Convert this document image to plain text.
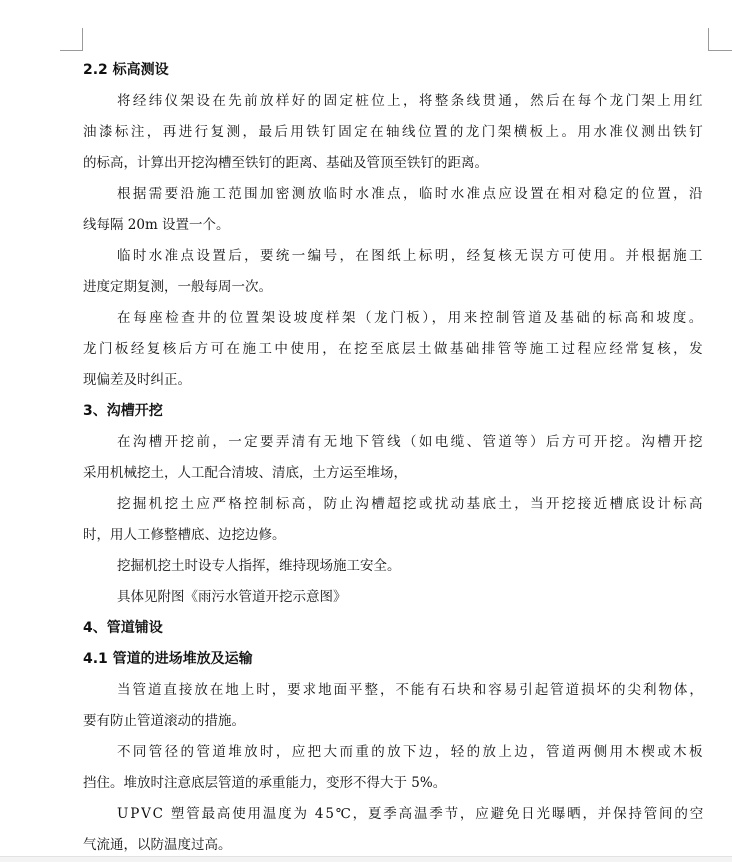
2.2 标高测设
将经纬仪架设在先前放样好的固定桩位上，将整条线贯通，然后在每个龙门架上用红
油漆标注，再进行复测，最后用铁钉固定在轴线位置的龙门架横板上。用水准仪测出铁钉
的标高，计算出开挖沟槽至铁钉的距离、基础及管顶至铁钉的距离。
根据需要沿施工范围加密测放临时水准点，临时水准点应设置在相对稳定的位置，沿
线每隔 20m 设置一个。
临时水准点设置后，要统一编号，在图纸上标明，经复核无误方可使用。并根据施工
进度定期复测，一般每周一次。
在每座检查井的位置架设坡度样架（龙门板），用来控制管道及基础的标高和坡度。
龙门板经复核后方可在施工中使用，在挖至底层土做基础排管等施工过程应经常复核，发
现偏差及时纠正。
3、沟槽开挖
在沟槽开挖前，一定要弄清有无地下管线（如电缆、管道等）后方可开挖。沟槽开挖
采用机械挖土，人工配合清坡、清底，土方运至堆场，
挖掘机挖土应严格控制标高，防止沟槽超挖或扰动基底土，当开挖接近槽底设计标高
时，用人工修整槽底、边挖边修。
挖掘机挖土时设专人指挥，维持现场施工安全。
具体见附图《雨污水管道开挖示意图》
4、管道铺设
4.1 管道的进场堆放及运输
当管道直接放在地上时，要求地面平整，不能有石块和容易引起管道损坏的尖利物体，
要有防止管道滚动的措施。
不同管径的管道堆放时，应把大而重的放下边，轻的放上边，管道两侧用木楔或木板
挡住。堆放时注意底层管道的承重能力，变形不得大于 5%。
UPVC 塑管最高使用温度为 45℃，夏季高温季节，应避免日光曝晒，并保持管间的空
气流通，以防温度过高。
